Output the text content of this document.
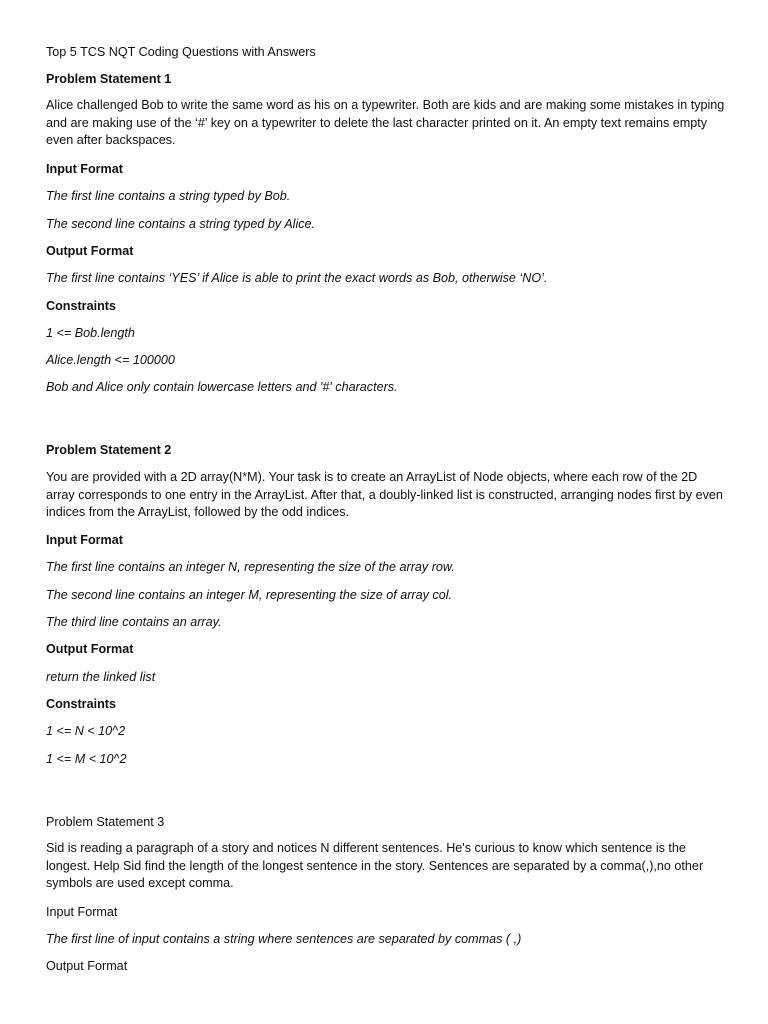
Top 5 TCS NQT Coding Questions with Answers

Problem Statement 1

Alice challenged Bob to write the same word as his on a typewriter. Both are kids and are making some mistakes in typing and are making use of the ‘#’ key on a typewriter to delete the last character printed on it. An empty text remains empty even after backspaces.

Input Format

The first line contains a string typed by Bob.

The second line contains a string typed by Alice.

Output Format

The first line contains ‘YES’ if Alice is able to print the exact words as Bob, otherwise ‘NO’.

Constraints

1 <= Bob.length

Alice.length <= 100000

Bob and Alice only contain lowercase letters and '#' characters.

Problem Statement 2

You are provided with a 2D array(N*M). Your task is to create an ArrayList of Node objects, where each row of the 2D array corresponds to one entry in the ArrayList. After that, a doubly-linked list is constructed, arranging nodes first by even indices from the ArrayList, followed by the odd indices.

Input Format

The first line contains an integer N, representing the size of the array row.

The second line contains an integer M, representing the size of array col.

The third line contains an array.

Output Format

return the linked list

Constraints

1 <= N < 10^2

1 <= M < 10^2

Problem Statement 3

Sid is reading a paragraph of a story and notices N different sentences. He's curious to know which sentence is the longest. Help Sid find the length of the longest sentence in the story. Sentences are separated by a comma(,),no other symbols are used except comma.

Input Format

The first line of input contains a string where sentences are separated by commas ( ,)

Output Format
